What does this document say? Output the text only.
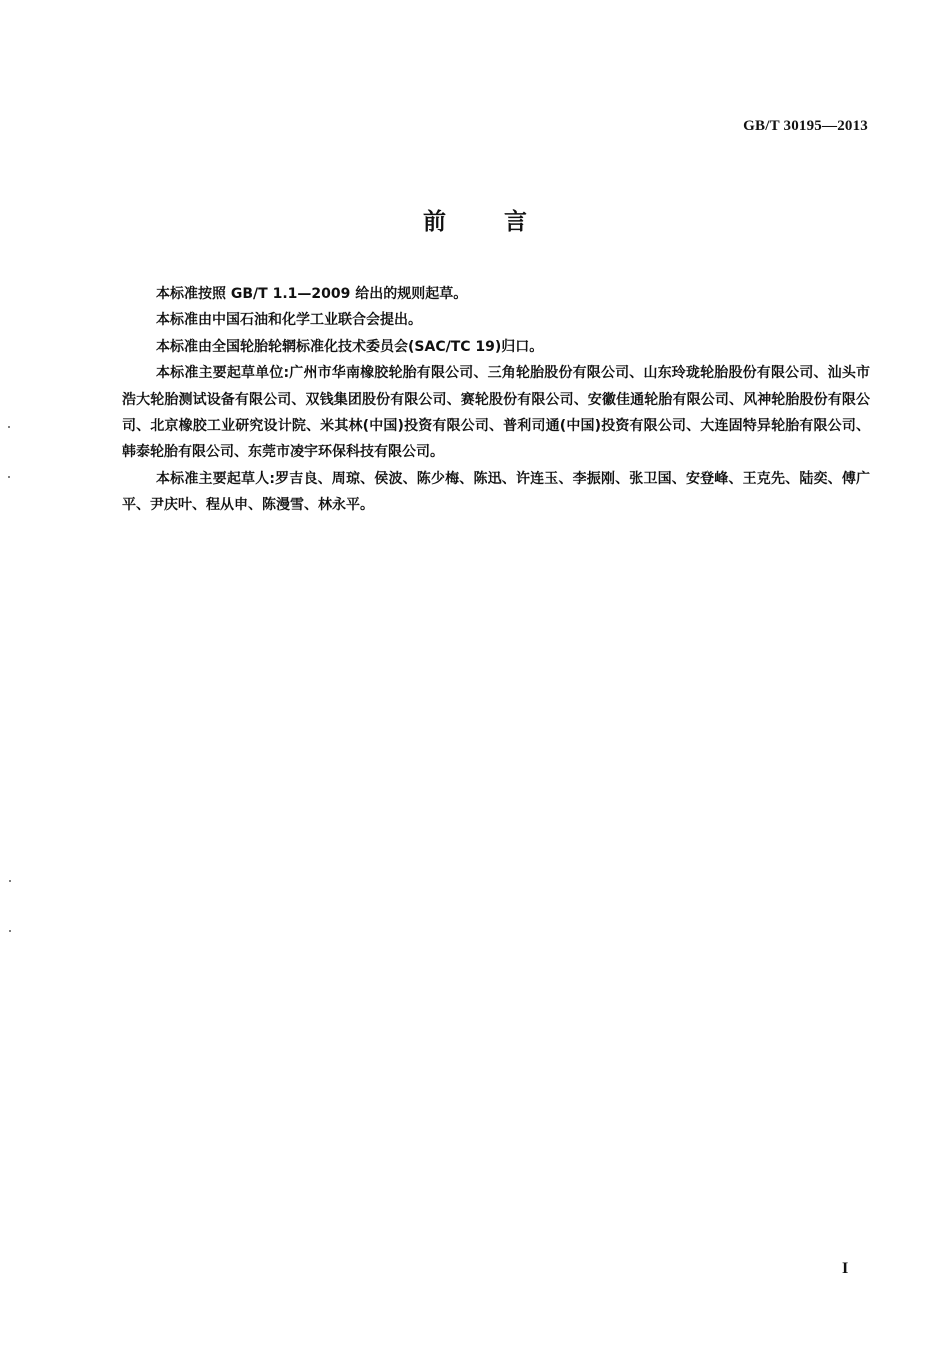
GB/T 30195—2013
前	言

本标准按照 GB/T 1.1—2009 给出的规则起草。

本标准由中国石油和化学工业联合会提出。

本标准由全国轮胎轮辋标准化技术委员会(SAC/TC 19)归口。

本标准主要起草单位:广州市华南橡胶轮胎有限公司、三角轮胎股份有限公司、山东玲珑轮胎股份有限公司、汕头市浩大轮胎测试设备有限公司、双钱集团股份有限公司、赛轮股份有限公司、安徽佳通轮胎有限公司、风神轮胎股份有限公司、北京橡胶工业研究设计院、米其林(中国)投资有限公司、普利司通(中国)投资有限公司、大连固特异轮胎有限公司、韩泰轮胎有限公司、东莞市凌宇环保科技有限公司。

本标准主要起草人:罗吉良、周琼、侯波、陈少梅、陈迅、许连玉、李振刚、张卫国、安登峰、王克先、陆奕、傅广平、尹庆叶、程从申、陈漫雪、林永平。

I
